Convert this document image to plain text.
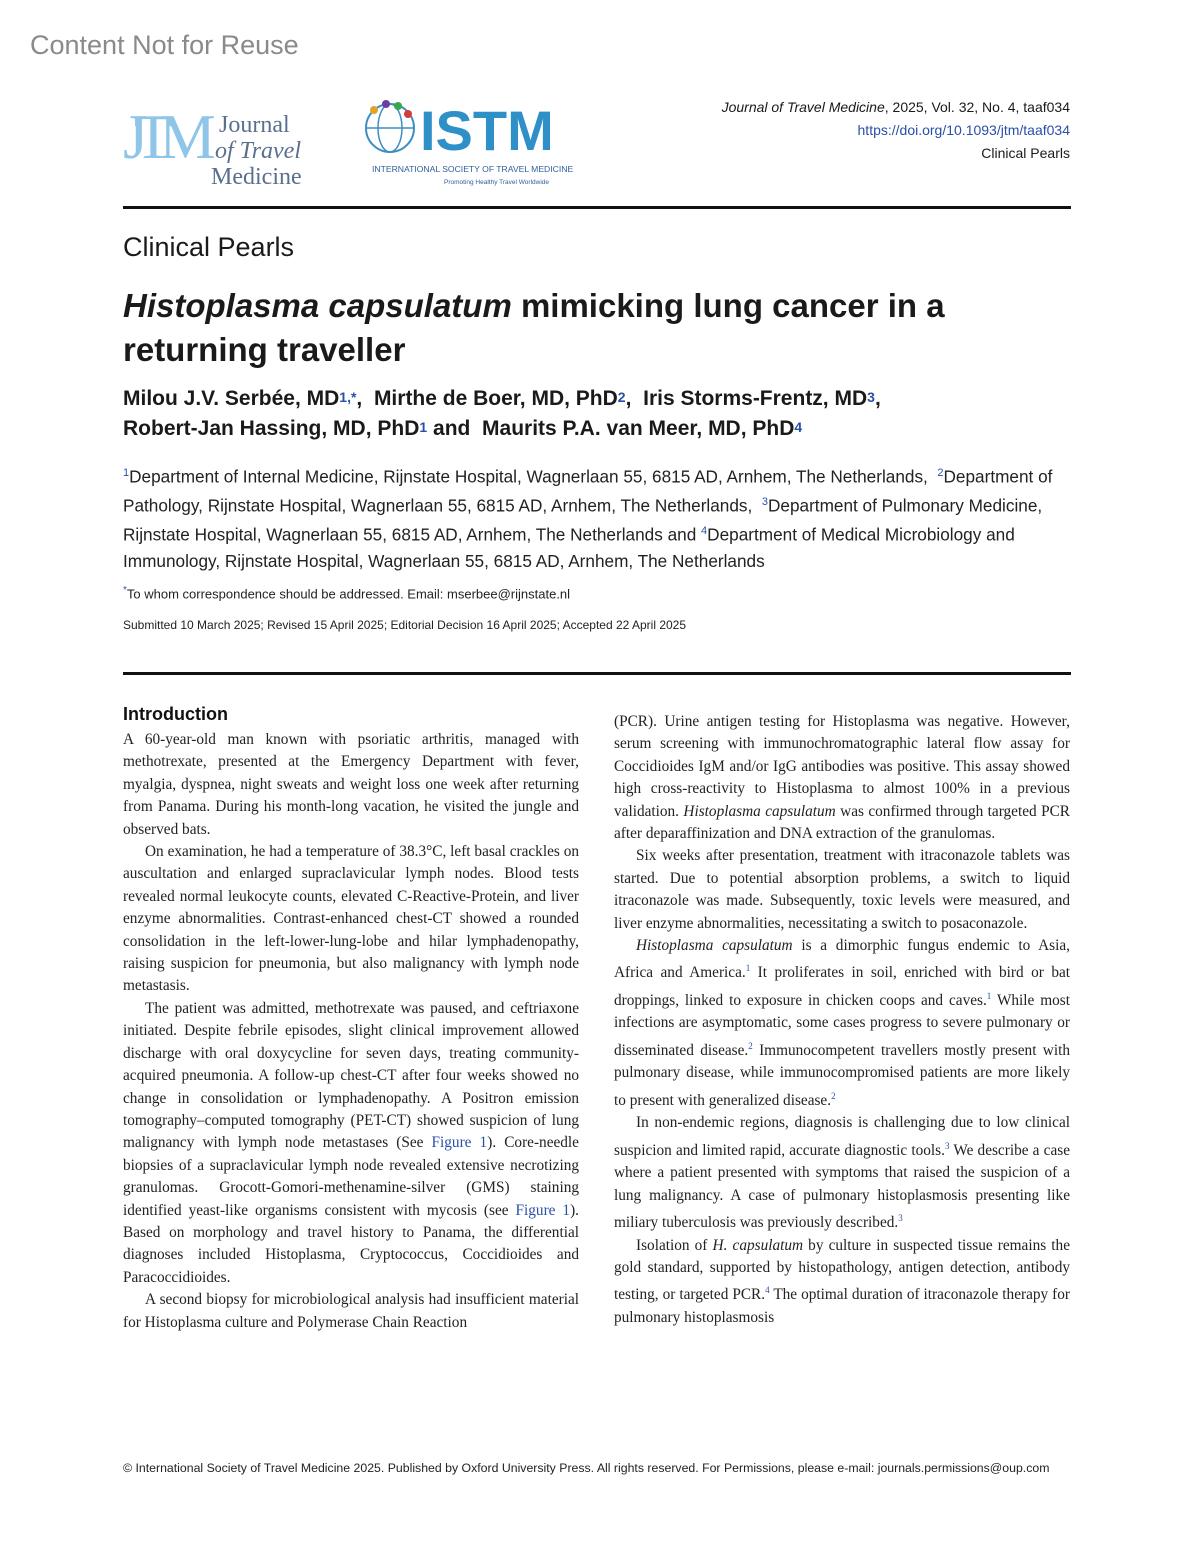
Content Not for Reuse
JTM Journal
of Travel
Medicine
ISTM
INTERNATIONAL SOCIETY OF TRAVEL MEDICINE
Promoting Healthy Travel Worldwide
Journal of Travel Medicine, 2025, Vol. 32, No. 4, taaf034
https://doi.org/10.1093/jtm/taaf034
Clinical Pearls
Clinical Pearls
Histoplasma capsulatum mimicking lung cancer in a returning traveller
Milou J.V. Serbée, $MD^{1,*}$,  Mirthe de Boer, MD, PhD$^2$,  Iris Storms-Frentz, $MD^3$,
Robert-Jan Hassing, MD, PhD$^1$ and Maurits P.A. van Meer, MD, PhD$^4$
$^1$Department of Internal Medicine, Rijnstate Hospital, Wagnerlaan 55, 6815 AD, Arnhem, The Netherlands, $^2$Department of Pathology, Rijnstate Hospital, Wagnerlaan 55, 6815 AD, Arnhem, The Netherlands, $^3$Department of Pulmonary Medicine, Rijnstate Hospital, Wagnerlaan 55, 6815 AD, Arnhem, The Netherlands and $^4$Department of Medical Microbiology and Immunology, Rijnstate Hospital, Wagnerlaan 55, 6815 AD, Arnhem, The Netherlands
*To whom correspondence should be addressed. Email: mserbee@rijnstate.nl
Submitted 10 March 2025; Revised 15 April 2025; Editorial Decision 16 April 2025; Accepted 22 April 2025
Introduction

A 60-year-old man known with psoriatic arthritis, managed with methotrexate, presented at the Emergency Department with fever, myalgia, dyspnea, night sweats and weight loss one week after returning from Panama. During his month-long vacation, he visited the jungle and observed bats.

On examination, he had a temperature of 38.3°C, left basal crackles on auscultation and enlarged supraclavicular lymph nodes. Blood tests revealed normal leukocyte counts, elevated C-Reactive-Protein, and liver enzyme abnormalities. Contrast-enhanced chest-CT showed a rounded consolidation in the left-lower-lung-lobe and hilar lymphadenopathy, raising suspicion for pneumonia, but also malignancy with lymph node metastasis.

The patient was admitted, methotrexate was paused, and ceftriaxone initiated. Despite febrile episodes, slight clinical improvement allowed discharge with oral doxycycline for seven days, treating community-acquired pneumonia. A follow-up chest-CT after four weeks showed no change in consolidation or lymphadenopathy. A Positron emission tomography–computed tomography (PET-CT) showed suspicion of lung malignancy with lymph node metastases (See Figure 1). Core-needle biopsies of a supraclavicular lymph node revealed extensive necrotizing granulomas. Grocott-Gomori-methenamine-silver (GMS) staining identified yeast-like organisms consistent with mycosis (see Figure 1). Based on morphology and travel history to Panama, the differential diagnoses included Histoplasma, Cryptococcus, Coccidioides and Paracoccidioides.

A second biopsy for microbiological analysis had insufficient material for Histoplasma culture and Polymerase Chain Reaction

(PCR). Urine antigen testing for Histoplasma was negative. However, serum screening with immunochromatographic lateral flow assay for Coccidioides IgM and/or IgG antibodies was positive. This assay showed high cross-reactivity to Histoplasma to almost 100% in a previous validation. Histoplasma capsulatum was confirmed through targeted PCR after deparaffinization and DNA extraction of the granulomas.

Six weeks after presentation, treatment with itraconazole tablets was started. Due to potential absorption problems, a switch to liquid itraconazole was made. Subsequently, toxic levels were measured, and liver enzyme abnormalities, necessitating a switch to posaconazole.

Histoplasma capsulatum is a dimorphic fungus endemic to Asia, Africa and America.$^1$ It proliferates in soil, enriched with bird or bat droppings, linked to exposure in chicken coops and caves.$^1$ While most infections are asymptomatic, some cases progress to severe pulmonary or disseminated disease.$^2$ Immunocompetent travellers mostly present with pulmonary disease, while immunocompromised patients are more likely to present with generalized disease.$^2$

In non-endemic regions, diagnosis is challenging due to low clinical suspicion and limited rapid, accurate diagnostic tools.$^3$ We describe a case where a patient presented with symptoms that raised the suspicion of a lung malignancy. A case of pulmonary histoplasmosis presenting like miliary tuberculosis was previously described.$^3$

Isolation of H. capsulatum by culture in suspected tissue remains the gold standard, supported by histopathology, antigen detection, antibody testing, or targeted PCR.$^4$ The optimal duration of itraconazole therapy for pulmonary histoplasmosis

© International Society of Travel Medicine 2025. Published by Oxford University Press. All rights reserved. For Permissions, please e-mail: journals.permissions@oup.com
